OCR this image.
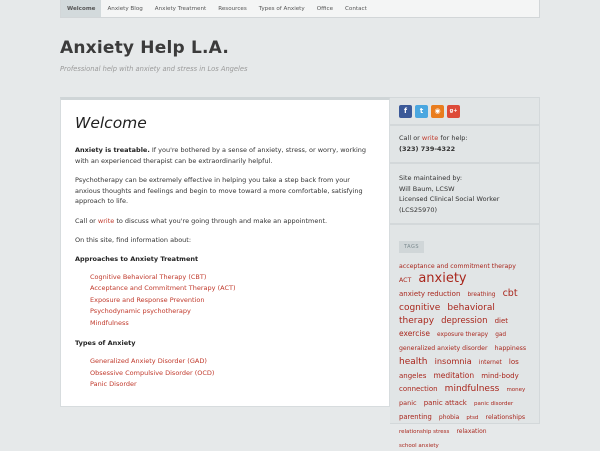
Welcome	Anxiety Blog	Anxiety Treatment	Resources	Types of Anxiety	Office	Contact
Anxiety Help L.A.
Professional help with anxiety and stress in Los Angeles
Welcome

Anxiety is treatable. If you're bothered by a sense of anxiety, stress, or worry, working with an experienced therapist can be extraordinarily helpful.

Psychotherapy can be extremely effective in helping you take a step back from your anxious thoughts and feelings and begin to move toward a more comfortable, satisfying approach to life.

Call or write to discuss what you're going through and make an appointment.

On this site, find information about:

Approaches to Anxiety Treatment
Cognitive Behavioral Therapy (CBT)
Acceptance and Commitment Therapy (ACT)
Exposure and Response Prevention
Psychodynamic psychotherapy
Mindfulness
Types of Anxiety
Generalized Anxiety Disorder (GAD)
Obsessive Compulsive Disorder (OCD)
Panic Disorder
f	t	◉	g+
Call or write for help:
(323) 739-4322
Site maintained by:
Will Baum, LCSW
Licensed Clinical Social Worker
(LCS25970)
TAGS
acceptance and commitment therapy ACT anxiety anxiety reduction breathing cbt cognitive behavioral therapy depression diet exercise exposure therapy gad generalized anxiety disorder happiness health insomnia internet los angeles meditation mind-body connection mindfulness money panic panic attack panic disorder parenting phobia ptsd relationships relationship stress relaxation school anxiety
